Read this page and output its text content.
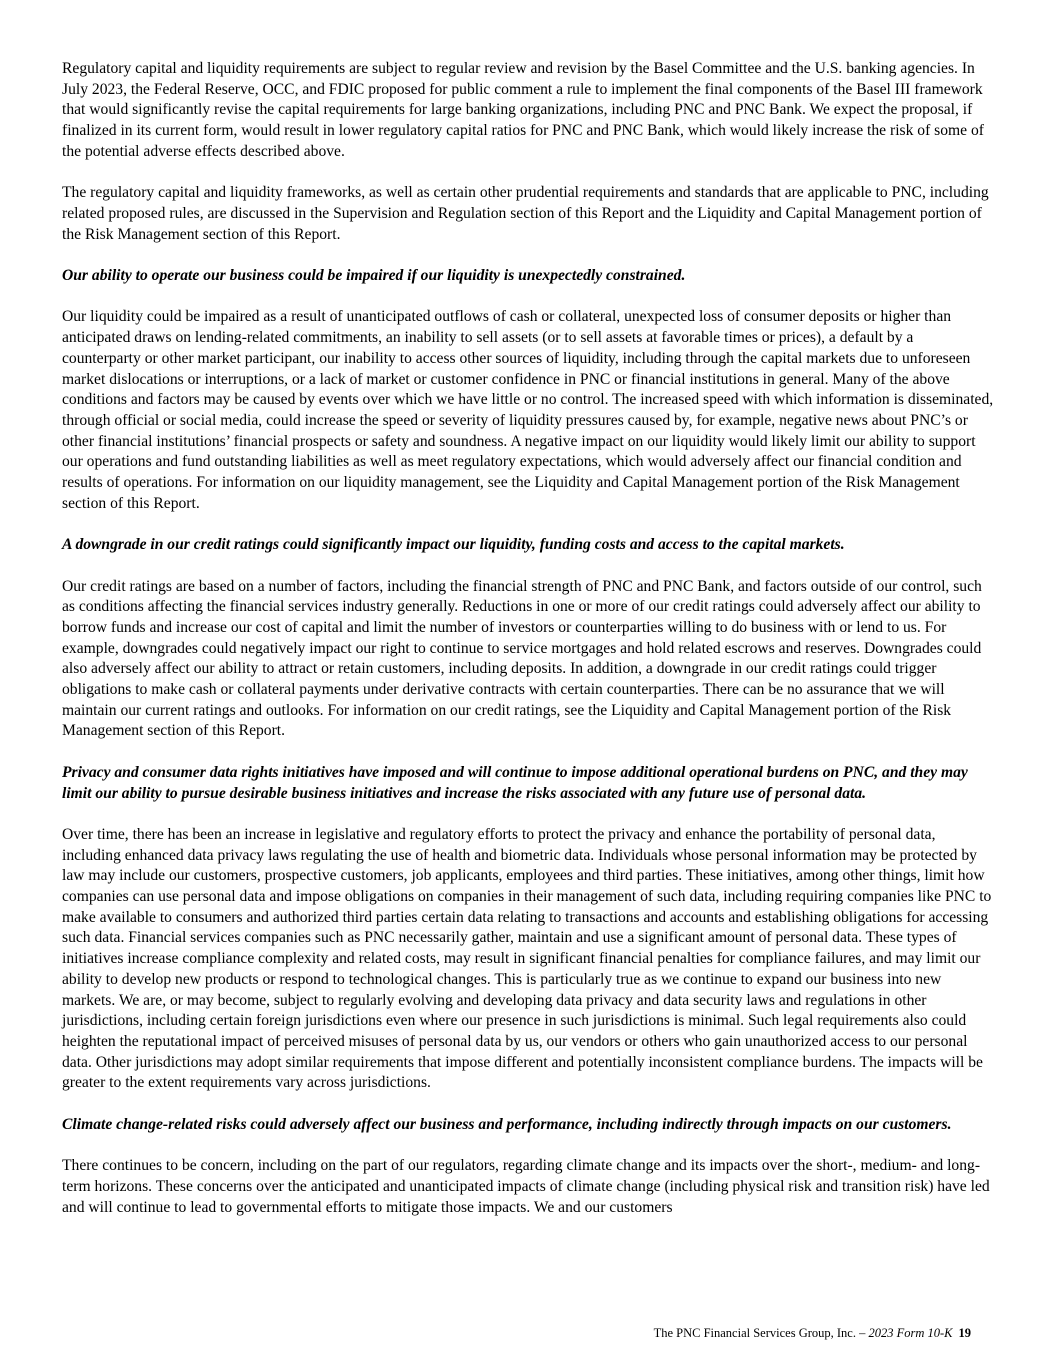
Regulatory capital and liquidity requirements are subject to regular review and revision by the Basel Committee and the U.S. banking agencies. In July 2023, the Federal Reserve, OCC, and FDIC proposed for public comment a rule to implement the final components of the Basel III framework that would significantly revise the capital requirements for large banking organizations, including PNC and PNC Bank. We expect the proposal, if finalized in its current form, would result in lower regulatory capital ratios for PNC and PNC Bank, which would likely increase the risk of some of the potential adverse effects described above.

The regulatory capital and liquidity frameworks, as well as certain other prudential requirements and standards that are applicable to PNC, including related proposed rules, are discussed in the Supervision and Regulation section of this Report and the Liquidity and Capital Management portion of the Risk Management section of this Report.

Our ability to operate our business could be impaired if our liquidity is unexpectedly constrained.

Our liquidity could be impaired as a result of unanticipated outflows of cash or collateral, unexpected loss of consumer deposits or higher than anticipated draws on lending-related commitments, an inability to sell assets (or to sell assets at favorable times or prices), a default by a counterparty or other market participant, our inability to access other sources of liquidity, including through the capital markets due to unforeseen market dislocations or interruptions, or a lack of market or customer confidence in PNC or financial institutions in general. Many of the above conditions and factors may be caused by events over which we have little or no control. The increased speed with which information is disseminated, through official or social media, could increase the speed or severity of liquidity pressures caused by, for example, negative news about PNC’s or other financial institutions’ financial prospects or safety and soundness. A negative impact on our liquidity would likely limit our ability to support our operations and fund outstanding liabilities as well as meet regulatory expectations, which would adversely affect our financial condition and results of operations. For information on our liquidity management, see the Liquidity and Capital Management portion of the Risk Management section of this Report.

A downgrade in our credit ratings could significantly impact our liquidity, funding costs and access to the capital markets.

Our credit ratings are based on a number of factors, including the financial strength of PNC and PNC Bank, and factors outside of our control, such as conditions affecting the financial services industry generally. Reductions in one or more of our credit ratings could adversely affect our ability to borrow funds and increase our cost of capital and limit the number of investors or counterparties willing to do business with or lend to us. For example, downgrades could negatively impact our right to continue to service mortgages and hold related escrows and reserves. Downgrades could also adversely affect our ability to attract or retain customers, including deposits. In addition, a downgrade in our credit ratings could trigger obligations to make cash or collateral payments under derivative contracts with certain counterparties. There can be no assurance that we will maintain our current ratings and outlooks. For information on our credit ratings, see the Liquidity and Capital Management portion of the Risk Management section of this Report.

Privacy and consumer data rights initiatives have imposed and will continue to impose additional operational burdens on PNC, and they may limit our ability to pursue desirable business initiatives and increase the risks associated with any future use of personal data.

Over time, there has been an increase in legislative and regulatory efforts to protect the privacy and enhance the portability of personal data, including enhanced data privacy laws regulating the use of health and biometric data. Individuals whose personal information may be protected by law may include our customers, prospective customers, job applicants, employees and third parties. These initiatives, among other things, limit how companies can use personal data and impose obligations on companies in their management of such data, including requiring companies like PNC to make available to consumers and authorized third parties certain data relating to transactions and accounts and establishing obligations for accessing such data. Financial services companies such as PNC necessarily gather, maintain and use a significant amount of personal data. These types of initiatives increase compliance complexity and related costs, may result in significant financial penalties for compliance failures, and may limit our ability to develop new products or respond to technological changes. This is particularly true as we continue to expand our business into new markets. We are, or may become, subject to regularly evolving and developing data privacy and data security laws and regulations in other jurisdictions, including certain foreign jurisdictions even where our presence in such jurisdictions is minimal. Such legal requirements also could heighten the reputational impact of perceived misuses of personal data by us, our vendors or others who gain unauthorized access to our personal data. Other jurisdictions may adopt similar requirements that impose different and potentially inconsistent compliance burdens. The impacts will be greater to the extent requirements vary across jurisdictions.

Climate change-related risks could adversely affect our business and performance, including indirectly through impacts on our customers.

There continues to be concern, including on the part of our regulators, regarding climate change and its impacts over the short-, medium- and long-term horizons. These concerns over the anticipated and unanticipated impacts of climate change (including physical risk and transition risk) have led and will continue to lead to governmental efforts to mitigate those impacts. We and our customers

The PNC Financial Services Group, Inc. – 2023 Form 10-K 19
